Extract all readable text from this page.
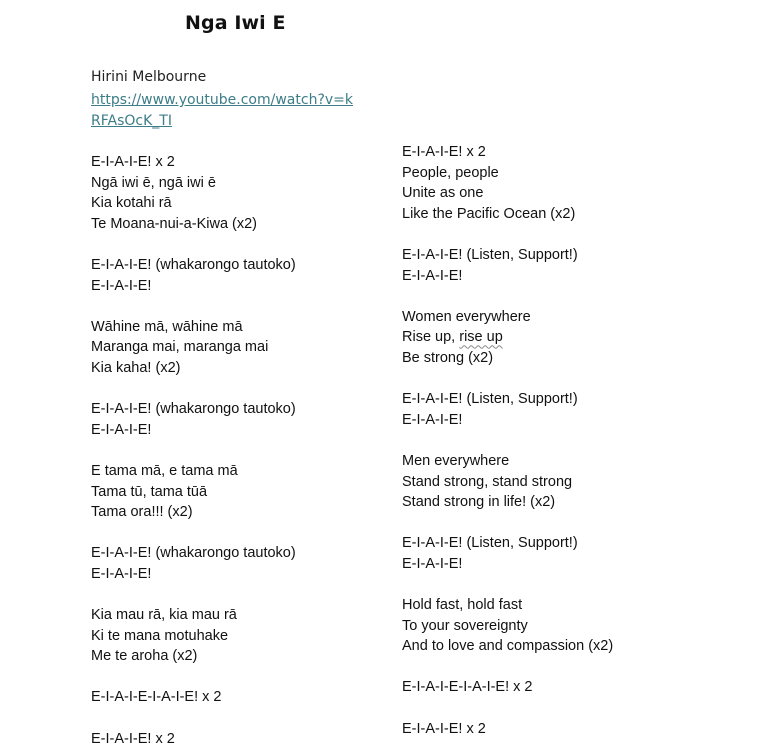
Nga Iwi E
Hirini Melbourne
https://www.youtube.com/watch?v=kRFAsOcK_TI
E-I-A-I-E! x 2
Ngā iwi ē, ngā iwi ē
Kia kotahi rā
Te Moana-nui-a-Kiwa (x2)
E-I-A-I-E! (whakarongo tautoko)
E-I-A-I-E!
Wāhine mā, wāhine mā
Maranga mai, maranga mai
Kia kaha! (x2)
E-I-A-I-E! (whakarongo tautoko)
E-I-A-I-E!
E tama mā, e tama mā
Tama tū, tama tūā
Tama ora!!! (x2)
E-I-A-I-E! (whakarongo tautoko)
E-I-A-I-E!
Kia mau rā, kia mau rā
Ki te mana motuhake
Me te aroha (x2)
E-I-A-I-E-I-A-I-E! x 2
E-I-A-I-E! x 2
E-I-A-I-E! x 2
People, people
Unite as one
Like the Pacific Ocean (x2)
E-I-A-I-E! (Listen, Support!)
E-I-A-I-E!
Women everywhere
Rise up, rise up
Be strong (x2)
E-I-A-I-E! (Listen, Support!)
E-I-A-I-E!
Men everywhere
Stand strong, stand strong
Stand strong in life! (x2)
E-I-A-I-E! (Listen, Support!)
E-I-A-I-E!
Hold fast, hold fast
To your sovereignty
And to love and compassion (x2)
E-I-A-I-E-I-A-I-E! x 2
E-I-A-I-E! x 2
